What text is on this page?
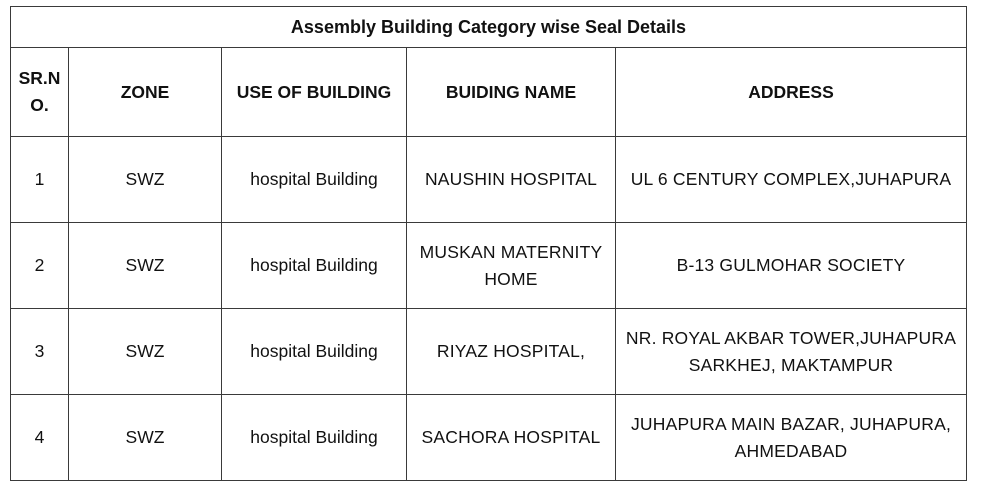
Assembly Building Category wise Seal Details				
SR.N O.	ZONE	USE OF BUILDING	BUIDING NAME	ADDRESS
1	SWZ	hospital Building	NAUSHIN HOSPITAL	UL 6 CENTURY COMPLEX,JUHAPURA
2	SWZ	hospital Building	MUSKAN MATERNITY HOME	B-13 GULMOHAR SOCIETY
3	SWZ	hospital Building	RIYAZ HOSPITAL,	NR. ROYAL AKBAR TOWER,JUHAPURA SARKHEJ, MAKTAMPUR
4	SWZ	hospital Building	SACHORA HOSPITAL	JUHAPURA MAIN BAZAR, JUHAPURA, AHMEDABAD
